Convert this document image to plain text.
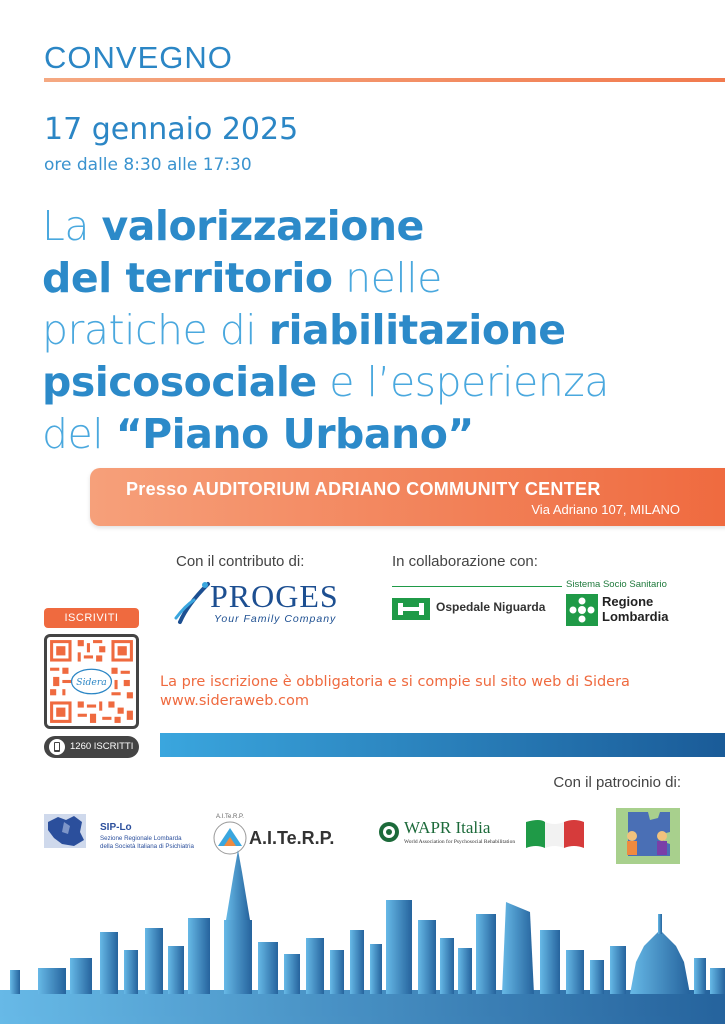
CONVEGNO
17 gennaio 2025
ore dalle 8:30 alle 17:30
La valorizzazione
del territorio nelle
pratiche di riabilitazione
psicosociale e l’esperienza
del “Piano Urbano”
Presso AUDITORIUM ADRIANO COMMUNITY CENTER
Via Adriano 107, MILANO
Con il contributo di:	In collaborazione con:
PROGES
Your Family Company
Sistema Socio Sanitario
Ospedale Niguarda	Regione
Lombardia
ISCRIVITI
Sidera
1260 ISCRITTI
La pre iscrizione è obbligatoria e si compie sul sito web di Sidera
www.sideraweb.com
Con il patrocinio di:
SIP-Lo
Sezione Regionale Lombarda
della Società Italiana di Psichiatria
A.I.Te.R.P.
A.I.Te.R.P.
WAPR Italia
World Association for Psychosocial Rehabilitation
